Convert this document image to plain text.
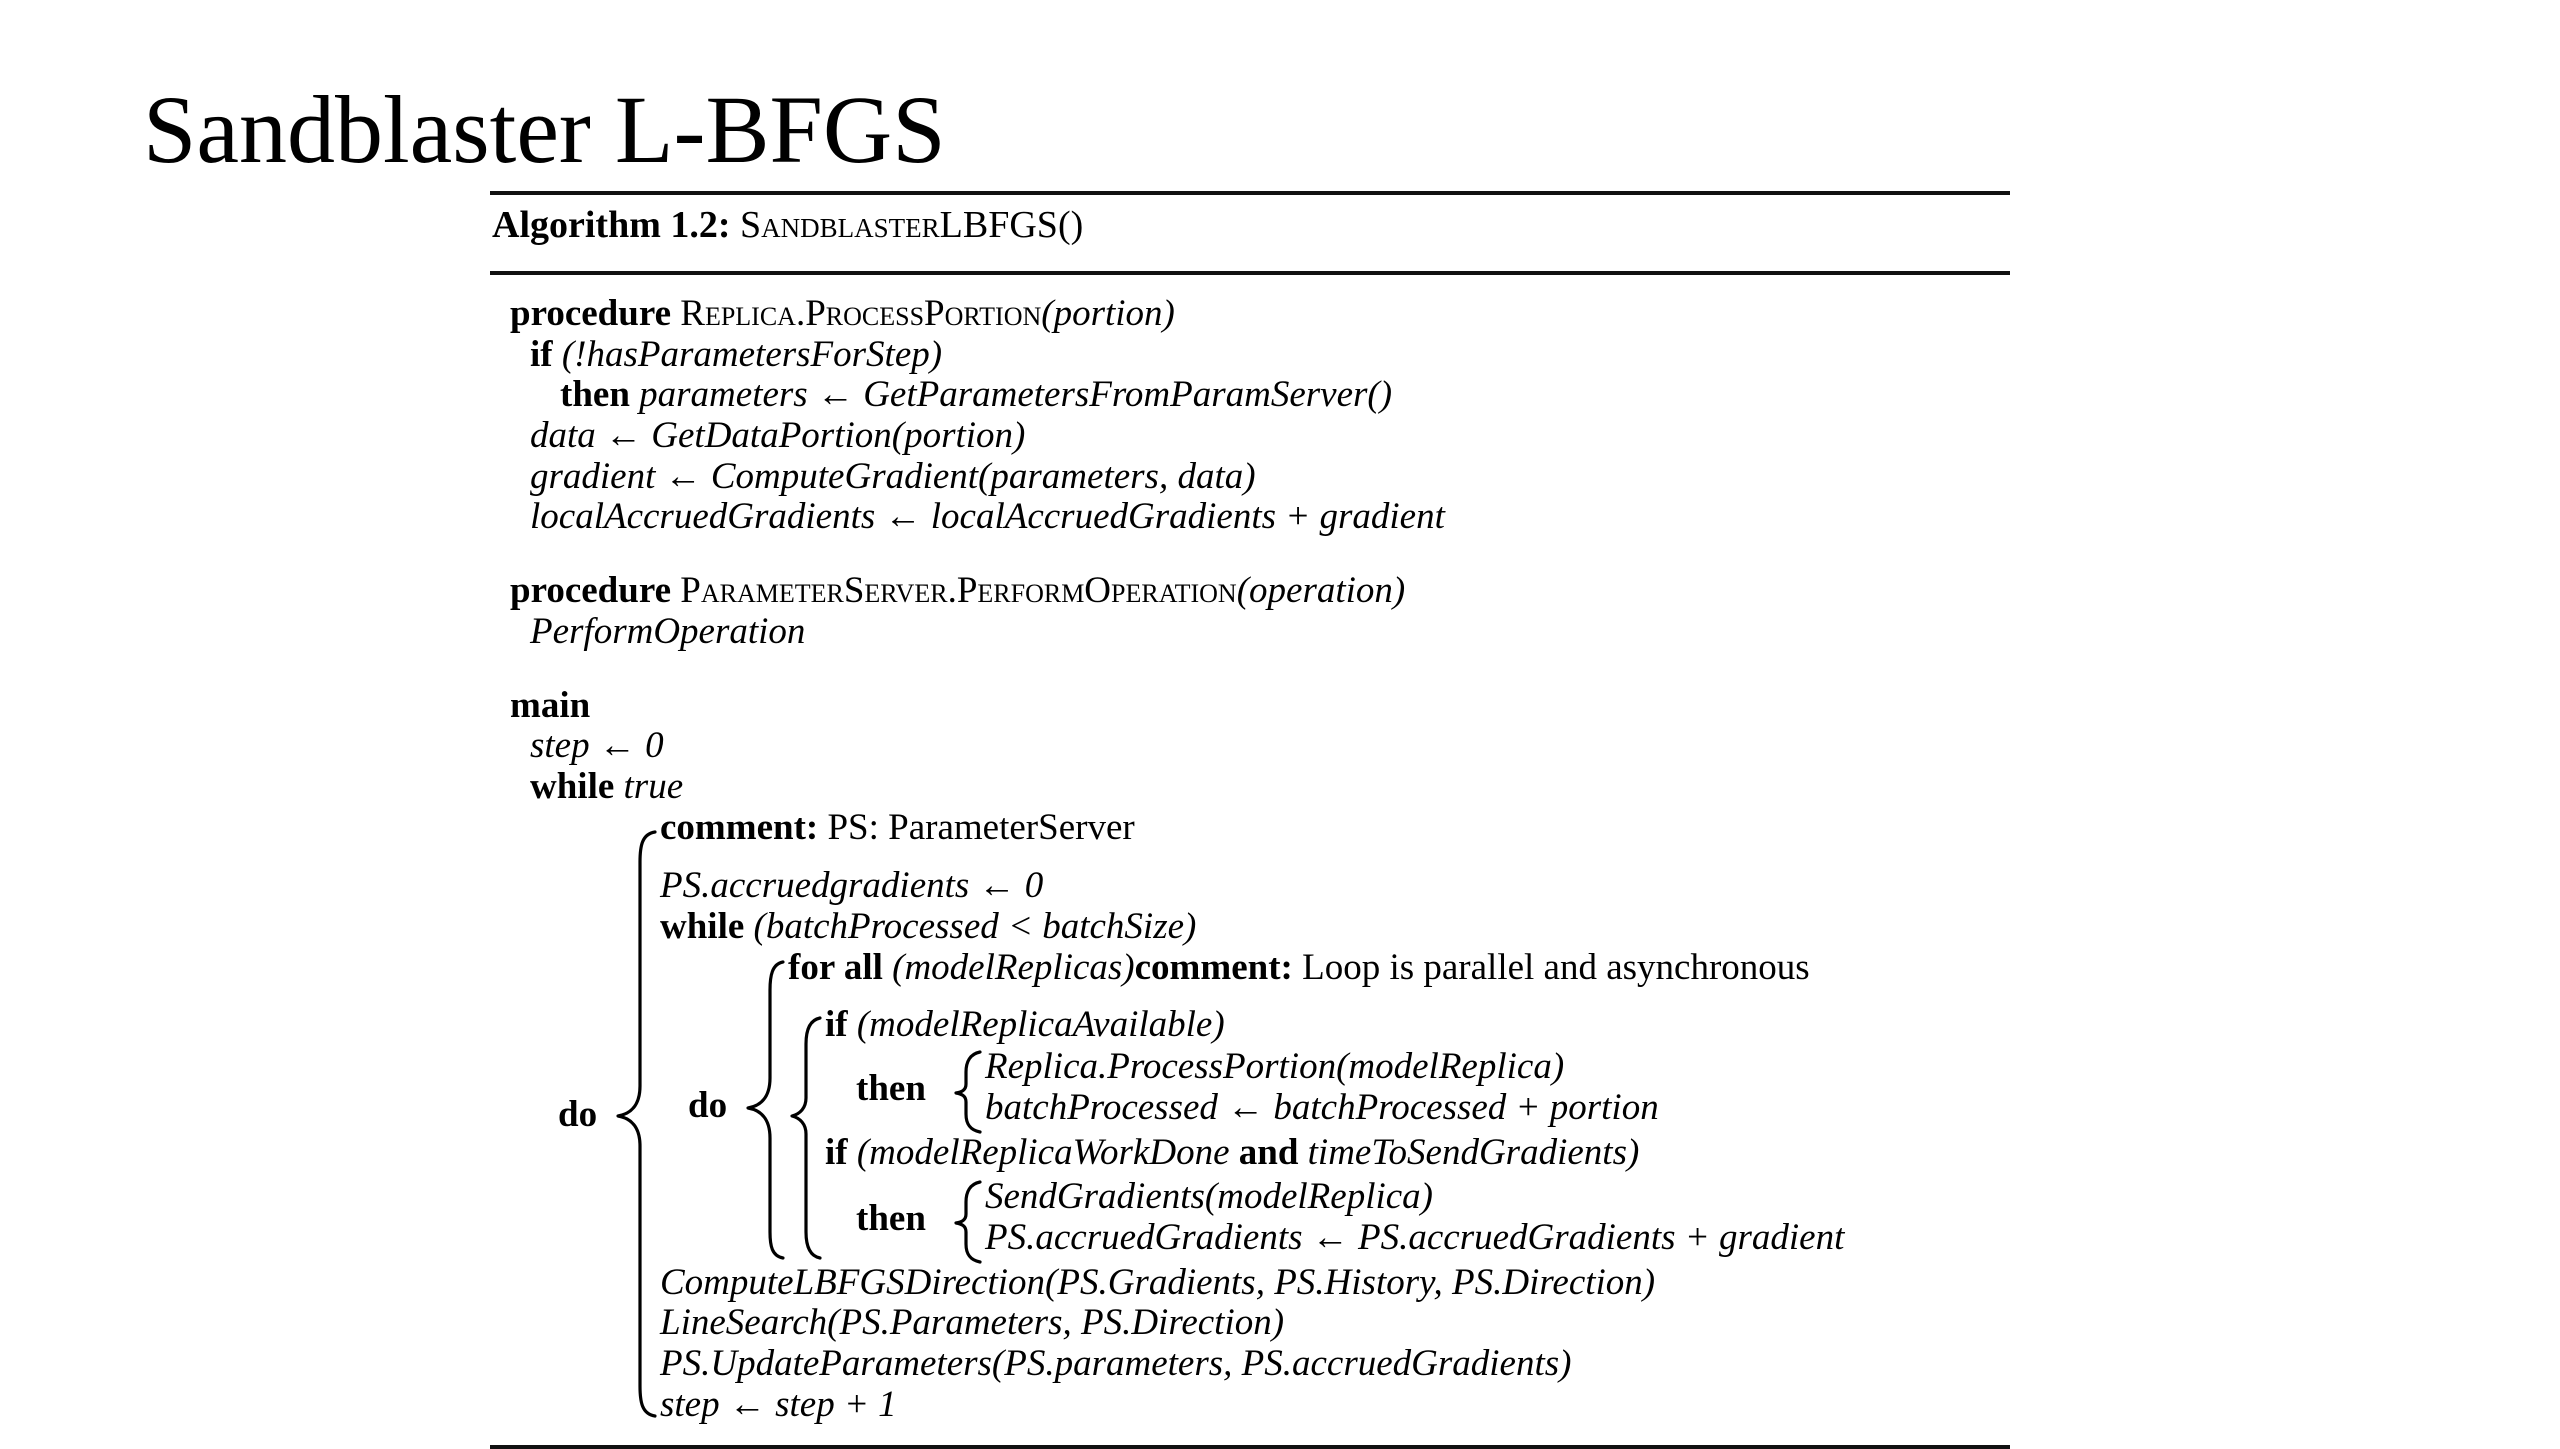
Sandblaster L-BFGS
Algorithm 1.2: SandblasterLBFGS()
procedure Replica.ProcessPortion(portion)
if (!hasParametersForStep)
then parameters ← GetParametersFromParamServer()
data ← GetDataPortion(portion)
gradient ← ComputeGradient(parameters, data)
localAccruedGradients ← localAccruedGradients + gradient
procedure ParameterServer.PerformOperation(operation)
PerformOperation
main
step ← 0
while true
do
comment: PS: ParameterServer
PS.accruedgradients ← 0
while (batchProcessed < batchSize)
do
for all (modelReplicas)comment: Loop is parallel and asynchronous
if (modelReplicaAvailable)
then
Replica.ProcessPortion(modelReplica)
batchProcessed ← batchProcessed + portion
if (modelReplicaWorkDone and timeToSendGradients)
then
SendGradients(modelReplica)
PS.accruedGradients ← PS.accruedGradients + gradient
ComputeLBFGSDirection(PS.Gradients, PS.History, PS.Direction)
LineSearch(PS.Parameters, PS.Direction)
PS.UpdateParameters(PS.parameters, PS.accruedGradients)
step ← step + 1
